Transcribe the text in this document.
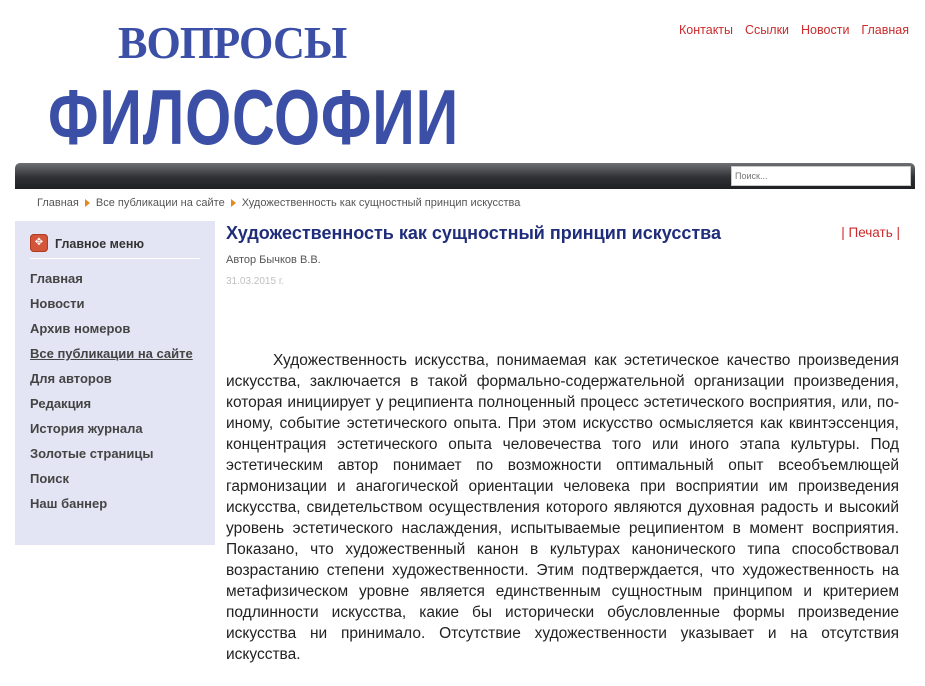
ВОПРОСЫ
ФИЛОСОФИИ
Контакты Ссылки Новости Главная
Поиск...
Главная Все публикации на сайте Художественность как сущностный принцип искусства
✥ Главное меню
Главная
Новости
Архив номеров
Все публикации на сайте
Для авторов
Редакция
История журнала
Золотые страницы
Поиск
Наш баннер
Художественность как сущностный принцип искусства	| Печать |
Автор Бычков В.В.
31.03.2015 г.

Художественность искусства, понимаемая как эстетическое качество произведения искусства, заключается в такой формально-содержательной организации произведения, которая инициирует у реципиента полноценный процесс эстетического восприятия, или, по-иному, событие эстетического опыта. При этом искусство осмысляется как квинтэссенция, концентрация эстетического опыта человечества того или иного этапа культуры. Под эстетическим автор понимает по возможности оптимальный опыт всеобъемлющей гармонизации и анагогической ориентации человека при восприятии им произведения искусства, свидетельством осуществления которого являются духовная радость и высокий уровень эстетического наслаждения, испытываемые реципиентом в момент восприятия. Показано, что художественный канон в культурах канонического типа способствовал возрастанию степени художественности. Этим подтверждается, что художественность на метафизическом уровне является единственным сущностным принципом и критерием подлинности искусства, какие бы исторически обусловленные формы произведение искусства ни принимало. Отсутствие художественности указывает и на отсутствия искусства.
